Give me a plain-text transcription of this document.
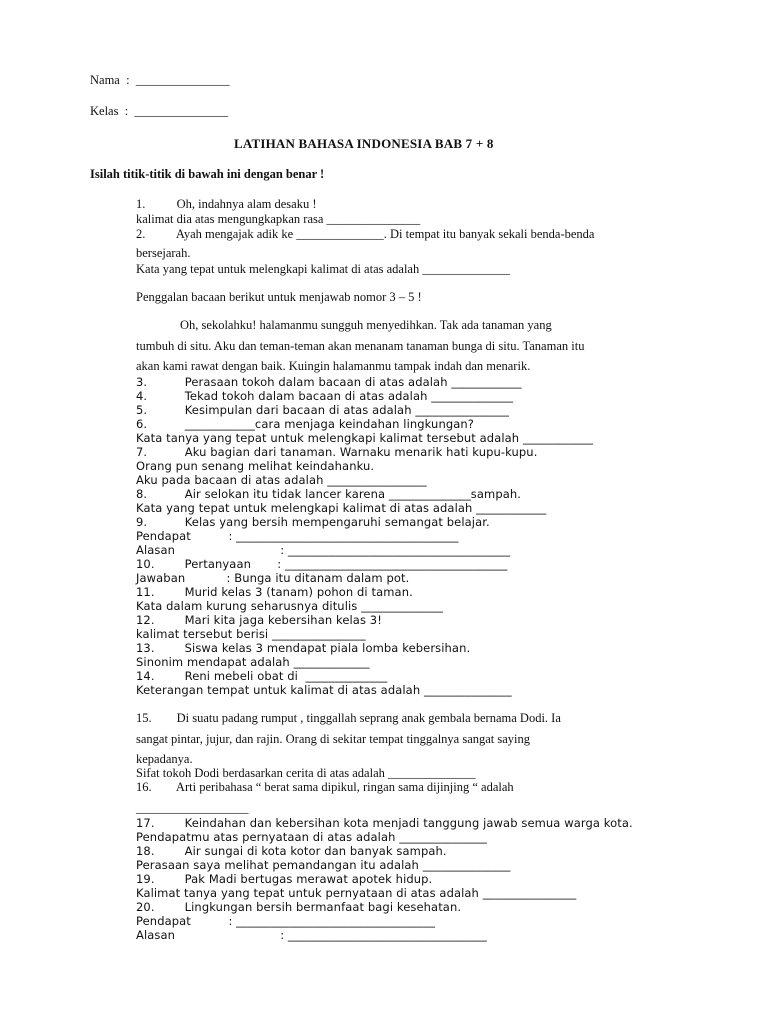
Nama  :  _______________
Kelas  :  _______________
LATIHAN BAHASA INDONESIA BAB 7 + 8
Isilah titik-titik di bawah ini dengan benar !
1.          Oh, indahnya alam desaku !
kalimat dia atas mengungkapkan rasa _______________
2.          Ayah mengajak adik ke ______________. Di tempat itu banyak sekali benda-benda
bersejarah.
Kata yang tepat untuk melengkapi kalimat di atas adalah ______________
Penggalan bacaan berikut untuk menjawab nomor 3 – 5 !
Oh, sekolahku! halamanmu sungguh menyedihkan. Tak ada tanaman yang
tumbuh di situ. Aku dan teman-teman akan menanam tanaman bunga di situ. Tanaman itu
akan kami rawat dengan baik. Kuingin halamanmu tampak indah dan menarik.
3.          Perasaan tokoh dalam bacaan di atas adalah ____________
4.          Tekad tokoh dalam bacaan di atas adalah ______________
5.          Kesimpulan dari bacaan di atas adalah ________________
6.          ____________cara menjaga keindahan lingkungan?
Kata tanya yang tepat untuk melengkapi kalimat tersebut adalah ____________
7.          Aku bagian dari tanaman. Warnaku menarik hati kupu-kupu.
Orang pun senang melihat keindahanku.
Aku pada bacaan di atas adalah _________________
8.          Air selokan itu tidak lancer karena ______________sampah.
Kata yang tepat untuk melengkapi kalimat di atas adalah ____________
9.          Kelas yang bersih mempengaruhi semangat belajar.
Pendapat          : ______________________________________
Alasan                            : ______________________________________
10.        Pertanyaan       : ______________________________________
Jawaban           : Bunga itu ditanam dalam pot.
11.        Murid kelas 3 (tanam) pohon di taman.
Kata dalam kurung seharusnya ditulis ______________
12.        Mari kita jaga kebersihan kelas 3!
kalimat tersebut berisi ________________
13.        Siswa kelas 3 mendapat piala lomba kebersihan.
Sinonim mendapat adalah _____________
14.        Reni mebeli obat di  ______________
Keterangan tempat untuk kalimat di atas adalah _______________
15.        Di suatu padang rumput , tinggallah seprang anak gembala bernama Dodi. Ia
sangat pintar, jujur, dan rajin. Orang di sekitar tempat tinggalnya sangat saying
kepadanya.
Sifat tokoh Dodi berdasarkan cerita di atas adalah ______________
16.        Arti peribahasa “ berat sama dipikul, ringan sama dijinjing “ adalah
__________________
17.        Keindahan dan kebersihan kota menjadi tanggung jawab semua warga kota.
Pendapatmu atas pernyataan di atas adalah _______________
18.        Air sungai di kota kotor dan banyak sampah.
Perasaan saya melihat pemandangan itu adalah _______________
19.        Pak Madi bertugas merawat apotek hidup.
Kalimat tanya yang tepat untuk pernyataan di atas adalah ________________
20.        Lingkungan bersih bermanfaat bagi kesehatan.
Pendapat          : __________________________________
Alasan                            : __________________________________
